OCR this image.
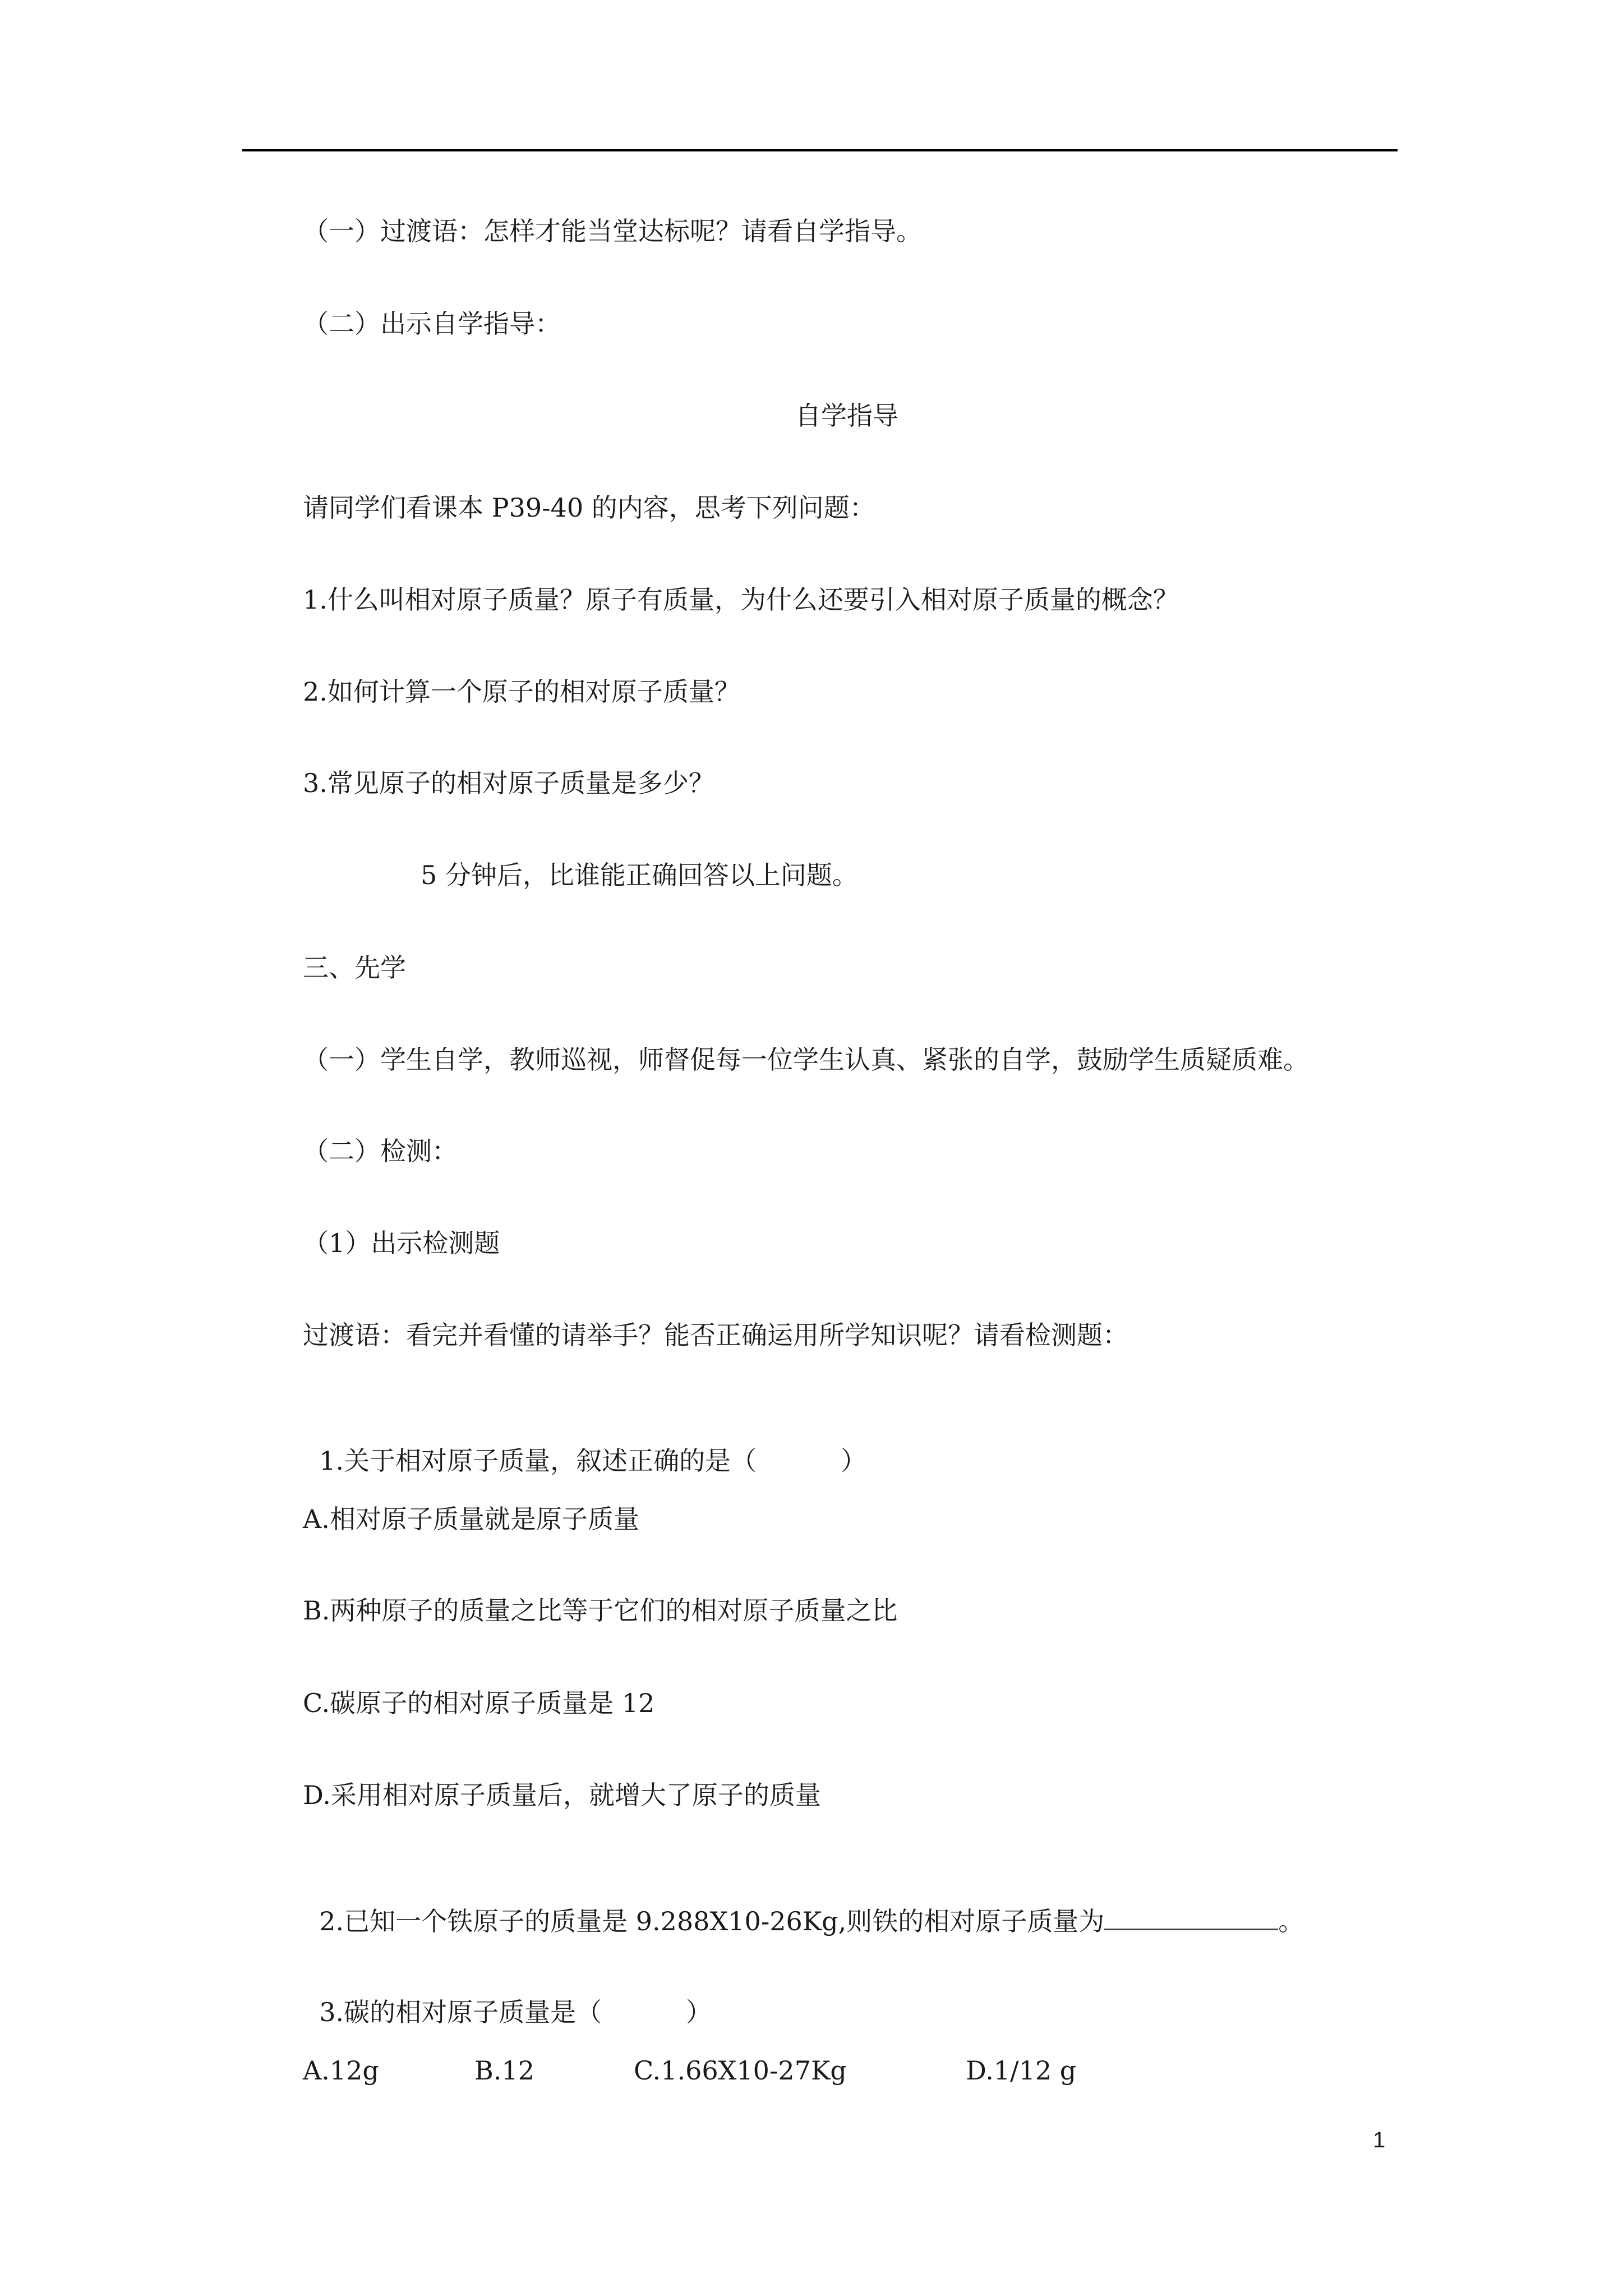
（一）过渡语：怎样才能当堂达标呢？请看自学指导。
（二）出示自学指导：
自学指导
请同学们看课本 P39-40 的内容，思考下列问题：
1.什么叫相对原子质量？原子有质量，为什么还要引入相对原子质量的概念？
2.如何计算一个原子的相对原子质量？
3.常见原子的相对原子质量是多少？
5 分钟后，比谁能正确回答以上问题。
三、先学
（一）学生自学，教师巡视，师督促每一位学生认真、紧张的自学，鼓励学生质疑质难。
（二）检测：
（1）出示检测题
过渡语：看完并看懂的请举手？能否正确运用所学知识呢？请看检测题：

1.关于相对原子质量，叙述正确的是（	）

A.相对原子质量就是原子质量
B.两种原子的质量之比等于它们的相对原子质量之比
C.碳原子的相对原子质量是 12
D.采用相对原子质量后，就增大了原子的质量

2.已知一个铁原子的质量是 9.288X10-26Kg,则铁的相对原子质量为	。

3.碳的相对原子质量是（	）

A.12g	B.12	C.1.66X10-27Kg	D.1/12 g
1
